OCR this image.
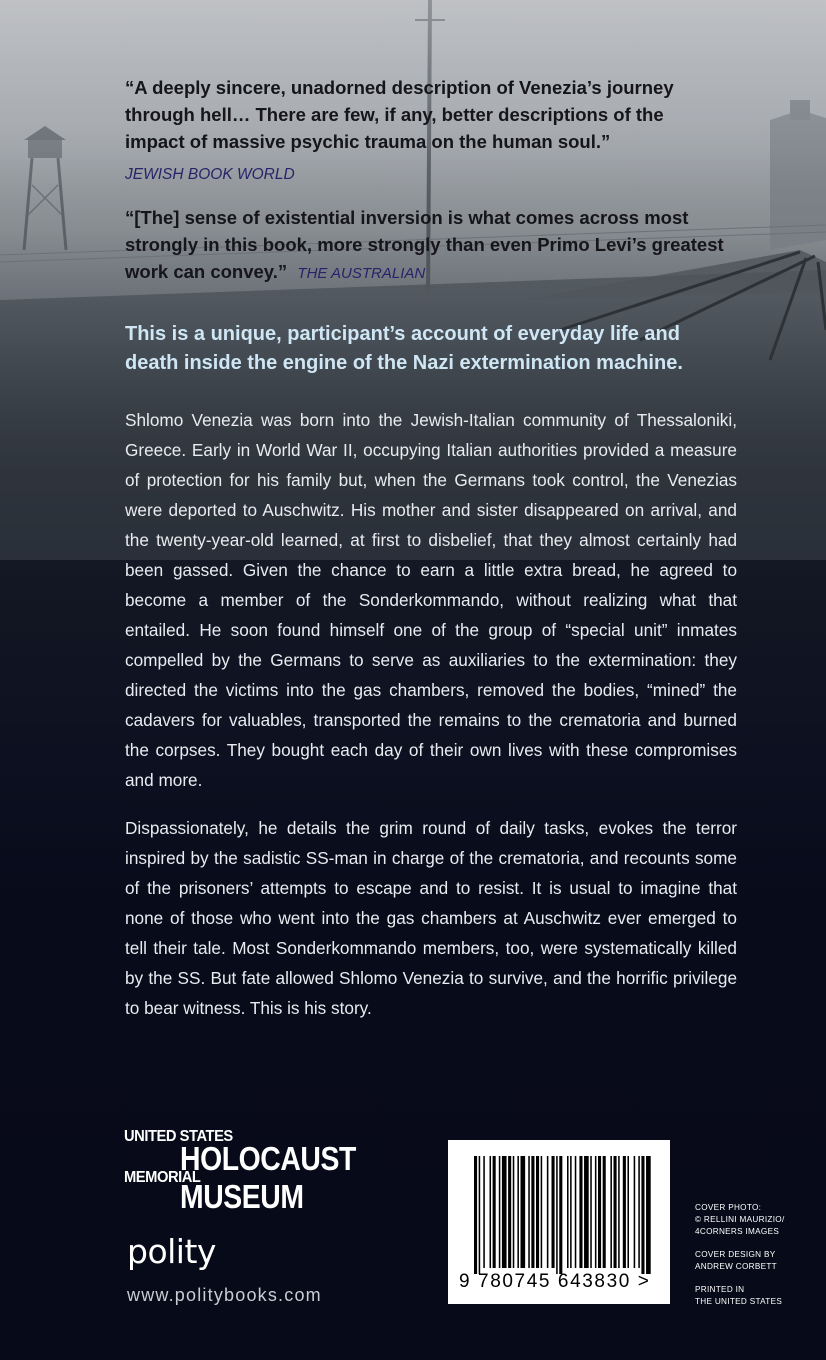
“A deeply sincere, unadorned description of Venezia’s journey through hell… There are few, if any, better descriptions of the impact of massive psychic trauma on the human soul.”
JEWISH BOOK WORLD
“[The] sense of existential inversion is what comes across most strongly in this book, more strongly than even Primo Levi’s greatest work can convey.” THE AUSTRALIAN
This is a unique, participant’s account of everyday life and death inside the engine of the Nazi extermination machine.
Shlomo Venezia was born into the Jewish-Italian community of Thessaloniki, Greece. Early in World War II, occupying Italian authorities provided a measure of protection for his family but, when the Germans took control, the Venezias were deported to Auschwitz. His mother and sister disappeared on arrival, and the twenty-year-old learned, at first to disbelief, that they almost certainly had been gassed. Given the chance to earn a little extra bread, he agreed to become a member of the Sonderkommando, without realizing what that entailed. He soon found himself one of the group of “special unit” inmates compelled by the Germans to serve as auxiliaries to the extermination: they directed the victims into the gas chambers, removed the bodies, “mined” the cadavers for valuables, transported the remains to the crematoria and burned the corpses. They bought each day of their own lives with these compromises and more.
Dispassionately, he details the grim round of daily tasks, evokes the terror inspired by the sadistic SS-man in charge of the crematoria, and recounts some of the prisoners’ attempts to escape and to resist. It is usual to imagine that none of those who went into the gas chambers at Auschwitz ever emerged to tell their tale. Most Sonderkommando members, too, were systematically killed by the SS. But fate allowed Shlomo Venezia to survive, and the horrific privilege to bear witness. This is his story.
UNITED STATES
HOLOCAUST
MEMORIAL
MUSEUM
polity
www.politybooks.com
9 780745 643830 >
COVER PHOTO:
© RELLINI MAURIZIO/
4CORNERS IMAGES
COVER DESIGN BY
ANDREW CORBETT
PRINTED IN
THE UNITED STATES
